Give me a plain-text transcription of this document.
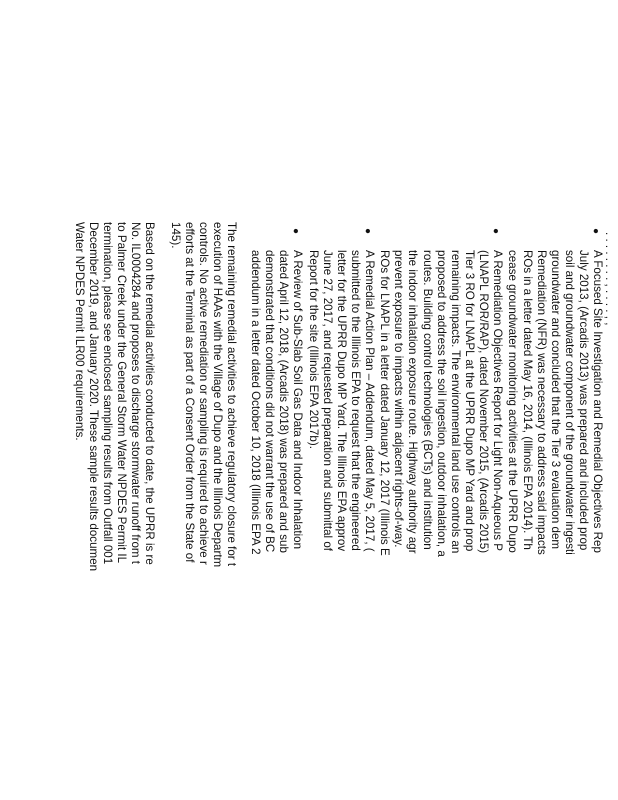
. . . . . . . . , . . . . , ,
●
A Focused Site Investigation and Remedial Objectives Rep
July 2013, (Arcadis 2013) was prepared and included prop
soil and groundwater component of the groundwater ingesti
groundwater and concluded that the Tier 3 evaluation dem
Remediation (NFR) was necessary to address said impacts
ROs in a letter dated May 16, 2014, (Illinois EPA 2014). Th
cease groundwater monitoring activities at the UPRR Dupo
●
A Remediation Objectives Report for Light Non-Aqueous P
(LNAPL ROR/RAP), dated November 2015, (Arcadis 2015)
Tier 3 RO for LNAPL at the UPRR Dupo MP Yard and prop
remaining impacts. The environmental land use controls an
proposed to address the soil ingestion, outdoor inhalation, a
routes. Building control technologies (BCTs) and institution
the indoor inhalation exposure route. Highway authority agr
prevent exposure to impacts within adjacent rights-of-way.
ROs for LNAPL in a letter dated January 12, 2017 (Illinois E
●
A Remedial Action Plan – Addendum, dated May 5, 2017, (
submitted to the Illinois EPA to request that the engineered
letter for the UPRR Dupo MP Yard. The Illinois EPA approv
June 27, 2017, and requested preparation and submittal of
Report for the site (Illinois EPA 2017b).
●
A Review of Sub-Slab Soil Gas Data and Indoor Inhalation
dated April 12, 2018, (Arcadis 2018) was prepared and sub
demonstrated that conditions did not warrant the use of BC
addendum in a letter dated October 10, 2018 (Illinois EPA 2
The remaining remedial activities to achieve regulatory closure for t
execution of HAAs with the Village of Dupo and the Illinois Departm
controls. No active remediation or sampling is required to achieve r
efforts at the Terminal as part of a Consent Order from the State of
145).
Based on the remedial activities conducted to date, the UPRR is re
No. IL0004284 and proposes to discharge stormwater runoff from t
to Palmer Creek under the General Storm Water NPDES Permit IL
termination, please see enclosed sampling results from Outfall 001
December 2019, and January 2020. These sample results documen
Water NPDES Permit ILR00 requirements.
